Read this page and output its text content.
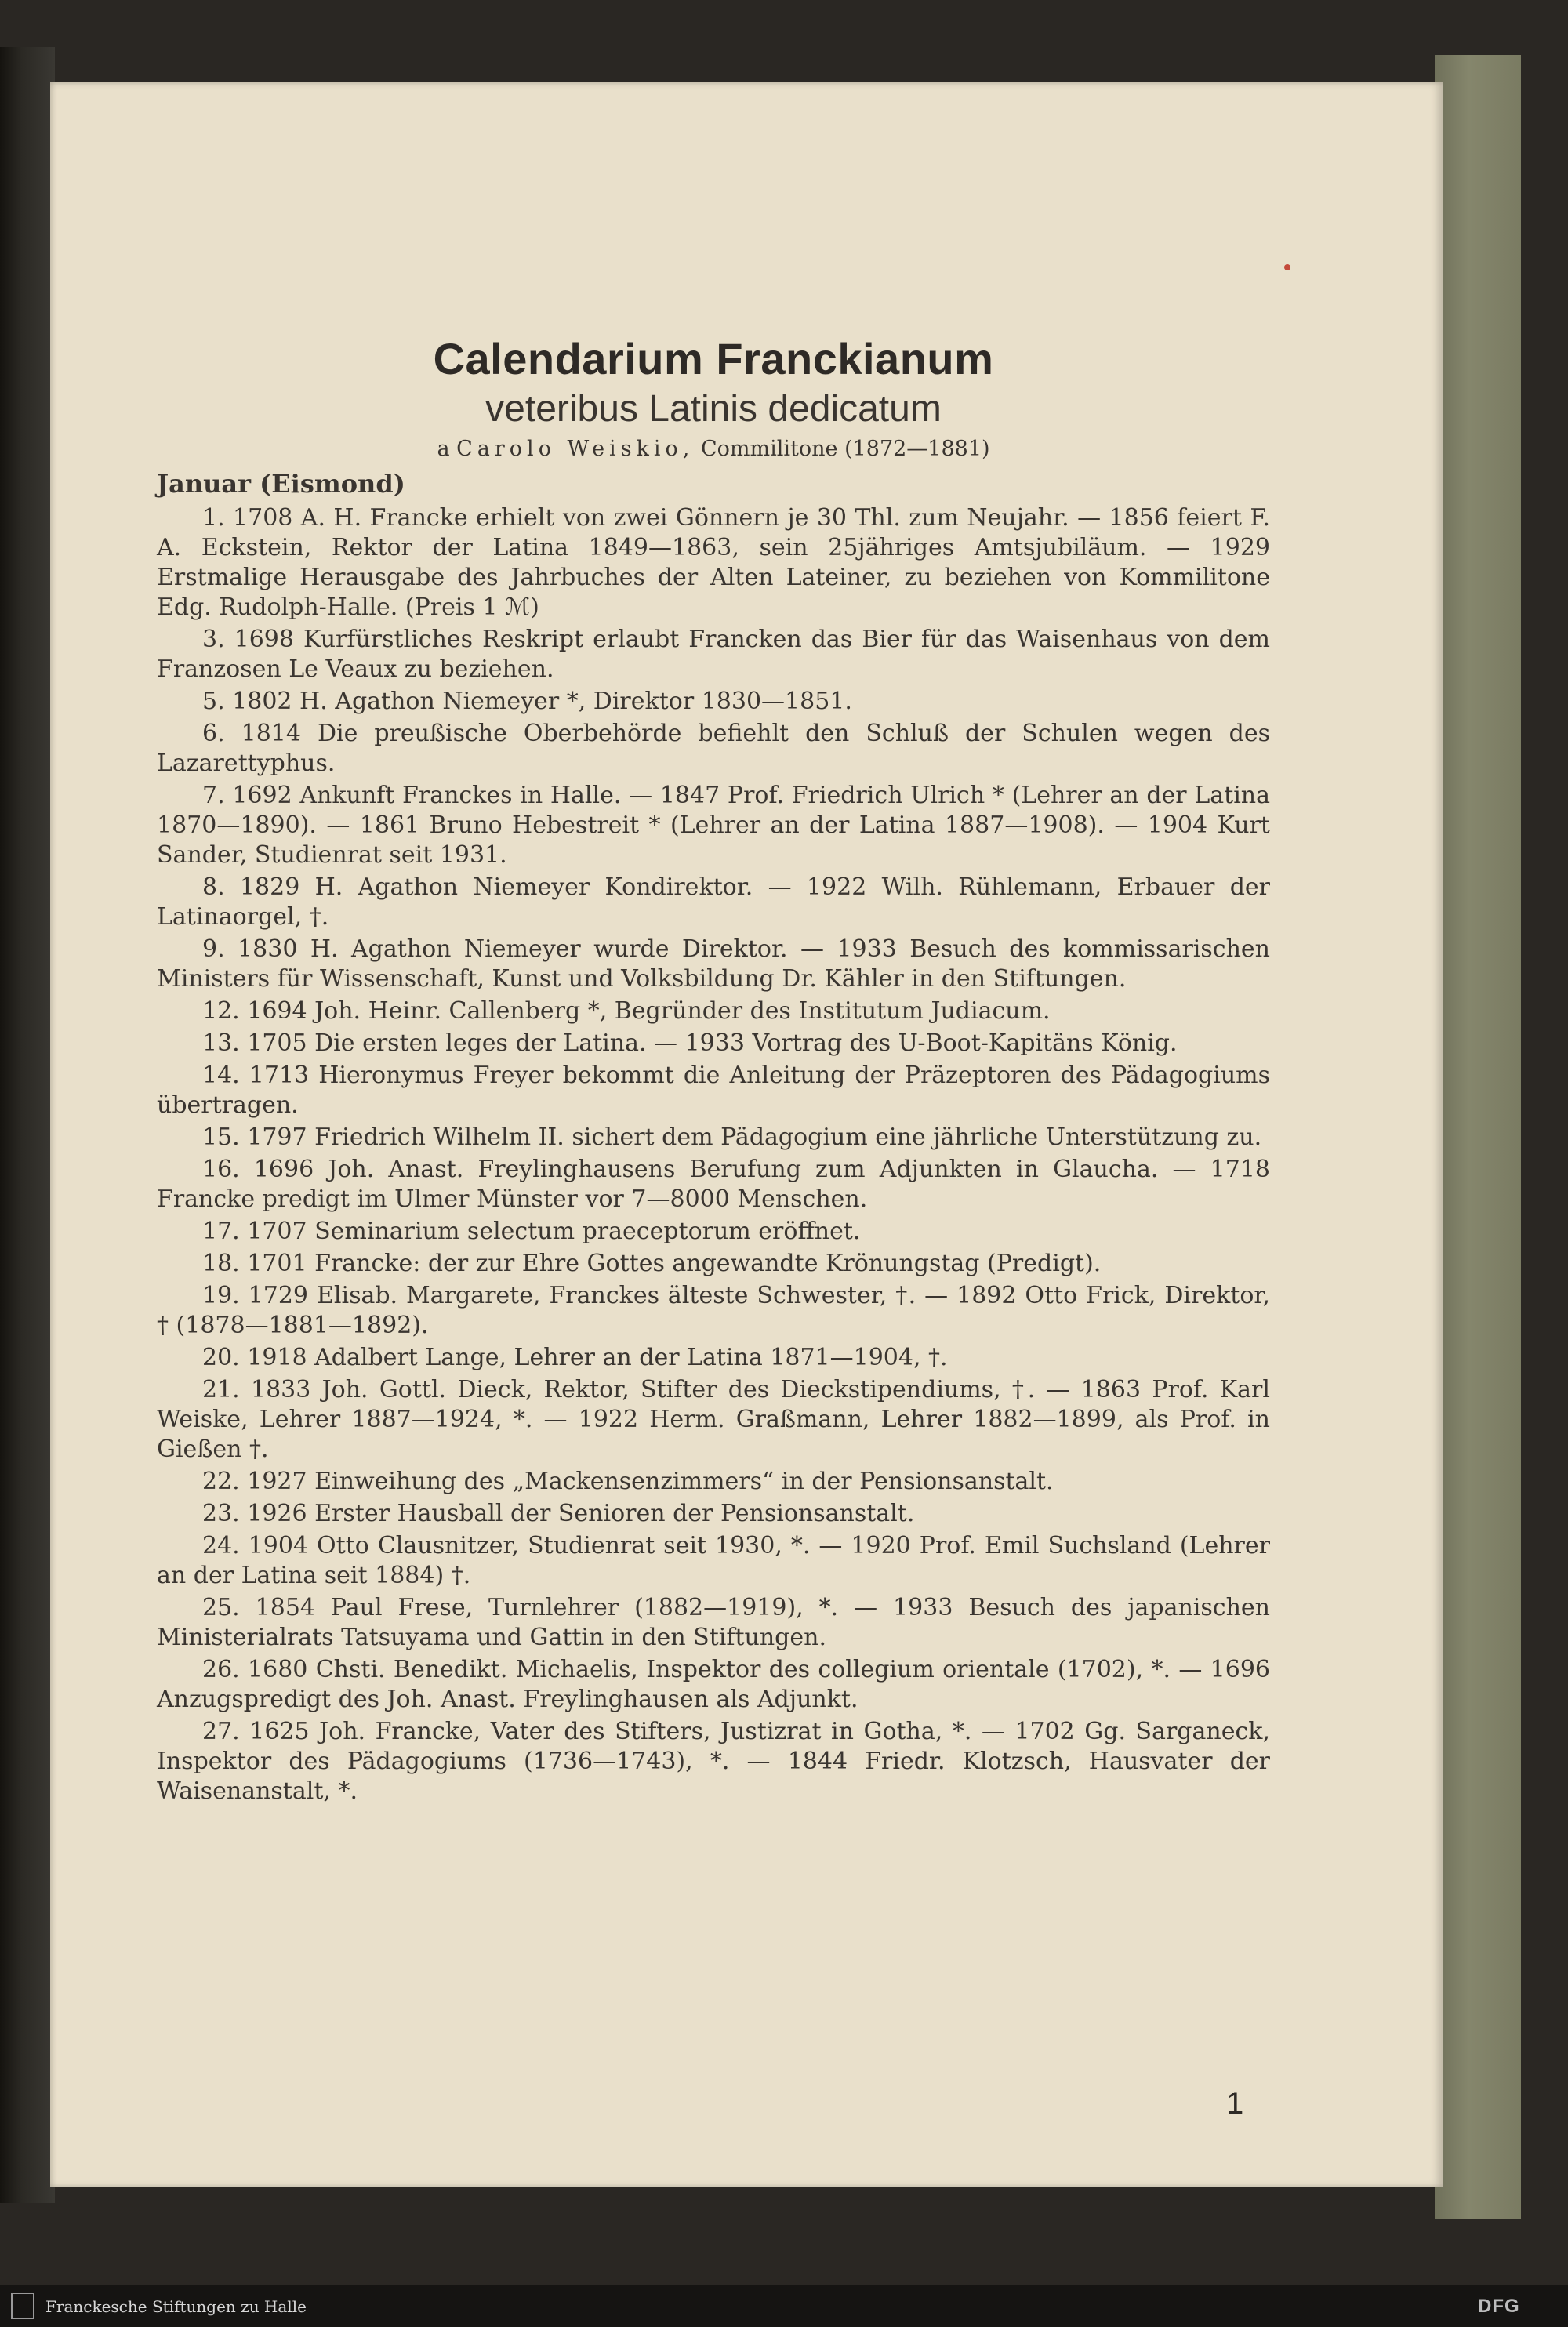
Calendarium Franckianum

veteribus Latinis dedicatum

a Carolo Weiskio, Commilitone (1872—1881)

Januar (Eismond)
1. 1708 A. H. Francke erhielt von zwei Gönnern je 30 Thl. zum Neujahr. — 1856 feiert F. A. Eckstein, Rektor der Latina 1849—1863, sein 25jähriges Amtsjubiläum. — 1929 Erstmalige Herausgabe des Jahrbuches der Alten Lateiner, zu beziehen von Kommilitone Edg. Rudolph-Halle. (Preis 1 ℳ)
3. 1698 Kurfürstliches Reskript erlaubt Francken das Bier für das Waisenhaus von dem Franzosen Le Veaux zu beziehen.
5. 1802 H. Agathon Niemeyer *, Direktor 1830—1851.
6. 1814 Die preußische Oberbehörde befiehlt den Schluß der Schulen wegen des Lazarettyphus.
7. 1692 Ankunft Franckes in Halle. — 1847 Prof. Friedrich Ulrich * (Lehrer an der Latina 1870—1890). — 1861 Bruno Hebestreit * (Lehrer an der Latina 1887—1908). — 1904 Kurt Sander, Studienrat seit 1931.
8. 1829 H. Agathon Niemeyer Kondirektor. — 1922 Wilh. Rühlemann, Erbauer der Latinaorgel, †.
9. 1830 H. Agathon Niemeyer wurde Direktor. — 1933 Besuch des kommissarischen Ministers für Wissenschaft, Kunst und Volksbildung Dr. Kähler in den Stiftungen.
12. 1694 Joh. Heinr. Callenberg *, Begründer des Institutum Judiacum.
13. 1705 Die ersten leges der Latina. — 1933 Vortrag des U-Boot-Kapitäns König.
14. 1713 Hieronymus Freyer bekommt die Anleitung der Präzeptoren des Pädagogiums übertragen.
15. 1797 Friedrich Wilhelm II. sichert dem Pädagogium eine jährliche Unterstützung zu.
16. 1696 Joh. Anast. Freylinghausens Berufung zum Adjunkten in Glaucha. — 1718 Francke predigt im Ulmer Münster vor 7—8000 Menschen.
17. 1707 Seminarium selectum praeceptorum eröffnet.
18. 1701 Francke: der zur Ehre Gottes angewandte Krönungstag (Predigt).
19. 1729 Elisab. Margarete, Franckes älteste Schwester, †. — 1892 Otto Frick, Direktor, † (1878—1881—1892).
20. 1918 Adalbert Lange, Lehrer an der Latina 1871—1904, †.
21. 1833 Joh. Gottl. Dieck, Rektor, Stifter des Dieckstipendiums, †. — 1863 Prof. Karl Weiske, Lehrer 1887—1924, *. — 1922 Herm. Graßmann, Lehrer 1882—1899, als Prof. in Gießen †.
22. 1927 Einweihung des „Mackensenzimmers“ in der Pensionsanstalt.
23. 1926 Erster Hausball der Senioren der Pensionsanstalt.
24. 1904 Otto Clausnitzer, Studienrat seit 1930, *. — 1920 Prof. Emil Suchsland (Lehrer an der Latina seit 1884) †.
25. 1854 Paul Frese, Turnlehrer (1882—1919), *. — 1933 Besuch des japanischen Ministerialrats Tatsuyama und Gattin in den Stiftungen.
26. 1680 Chsti. Benedikt. Michaelis, Inspektor des collegium orientale (1702), *. — 1696 Anzugspredigt des Joh. Anast. Freylinghausen als Adjunkt.
27. 1625 Joh. Francke, Vater des Stifters, Justizrat in Gotha, *. — 1702 Gg. Sarganeck, Inspektor des Pädagogiums (1736—1743), *. — 1844 Friedr. Klotzsch, Hausvater der Waisenanstalt, *.
1
Franckesche Stiftungen zu Halle	DFG
